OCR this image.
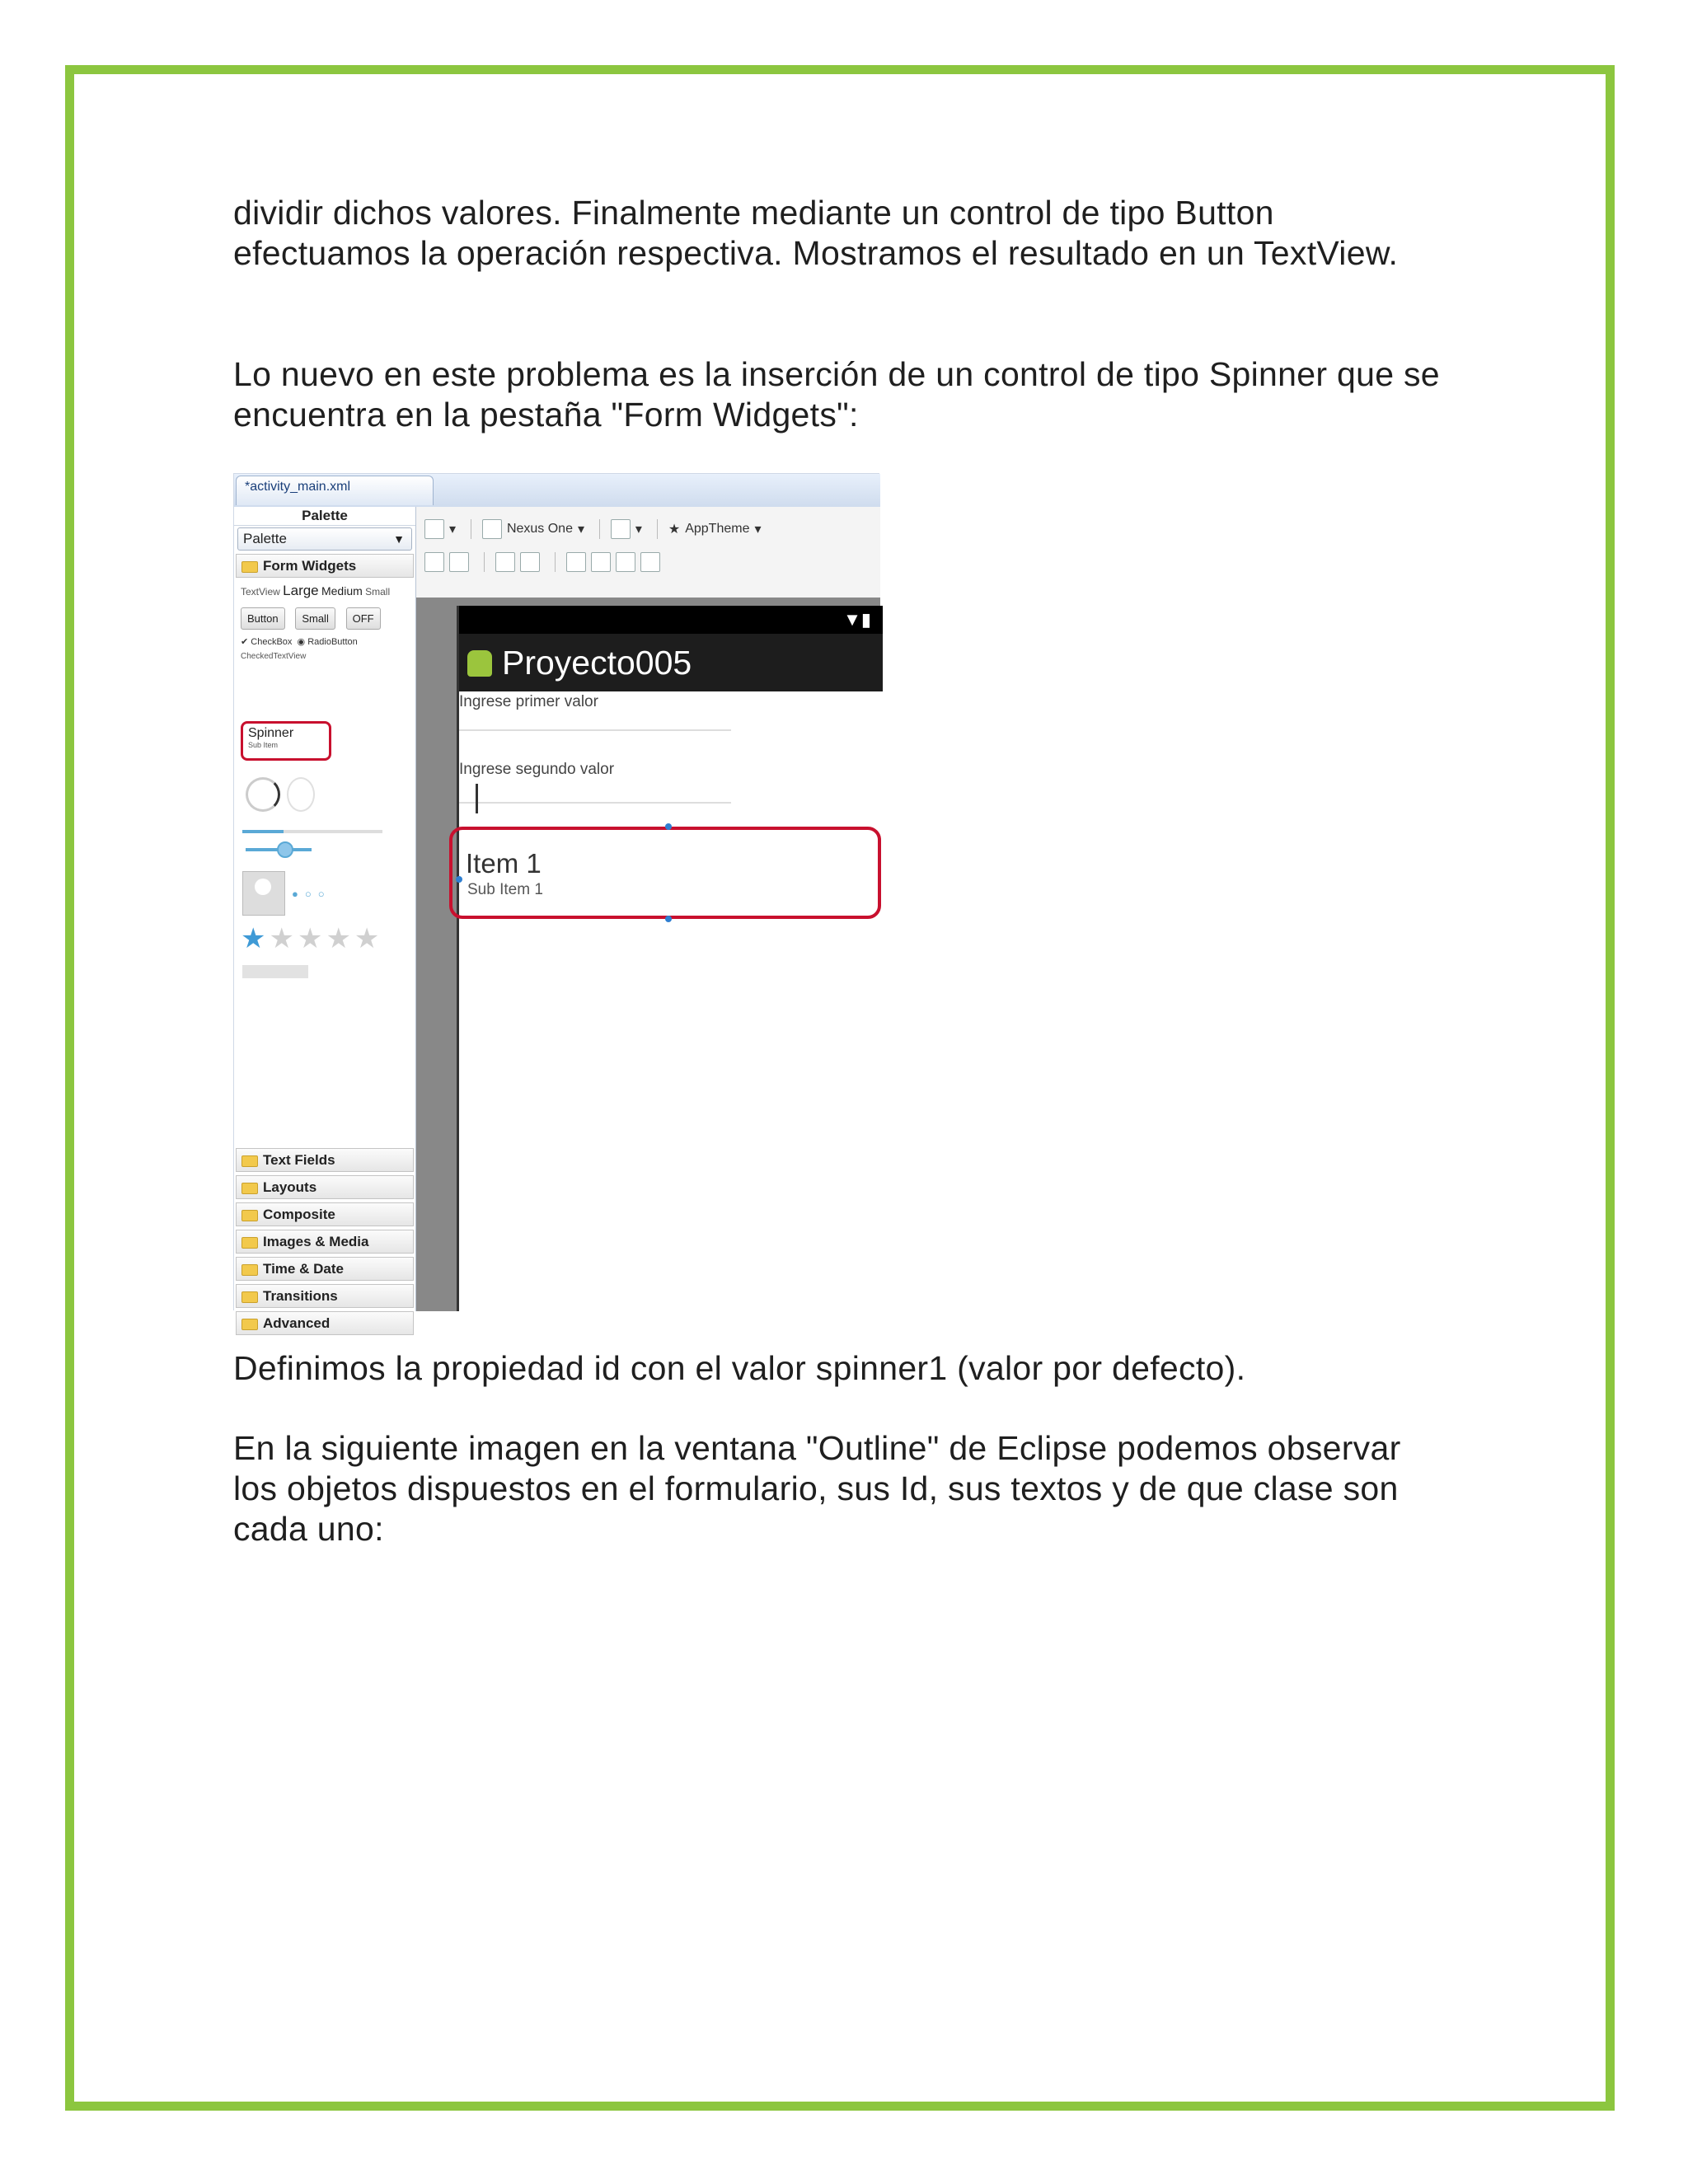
dividir dichos valores. Finalmente mediante un control de tipo Button efectuamos la operación respectiva. Mostramos el resultado en un TextView.

Lo nuevo en este problema es la inserción de un control de tipo Spinner que se encuentra en la pestaña "Form Widgets":

*activity_main.xml
Palette
Palette	▼
Form Widgets
TextView Large Medium Small
Button Small OFF
✔ CheckBox ◉ RadioButton
CheckedTextView
Spinner
Sub Item
●○○
★★★★★
Text Fields
Layouts
Composite
Images & Media
Time & Date
Transitions
Advanced
▾	Nexus One ▾	▾ ★ AppTheme ▾

▼▮
Proyecto005
Ingrese primer valor
Ingrese segundo valor
Item 1
Sub Item 1

Definimos la propiedad id con el valor spinner1 (valor por defecto).

En la siguiente imagen en la ventana "Outline" de Eclipse podemos observar los objetos dispuestos en el formulario, sus Id, sus textos y de que clase son cada uno:
